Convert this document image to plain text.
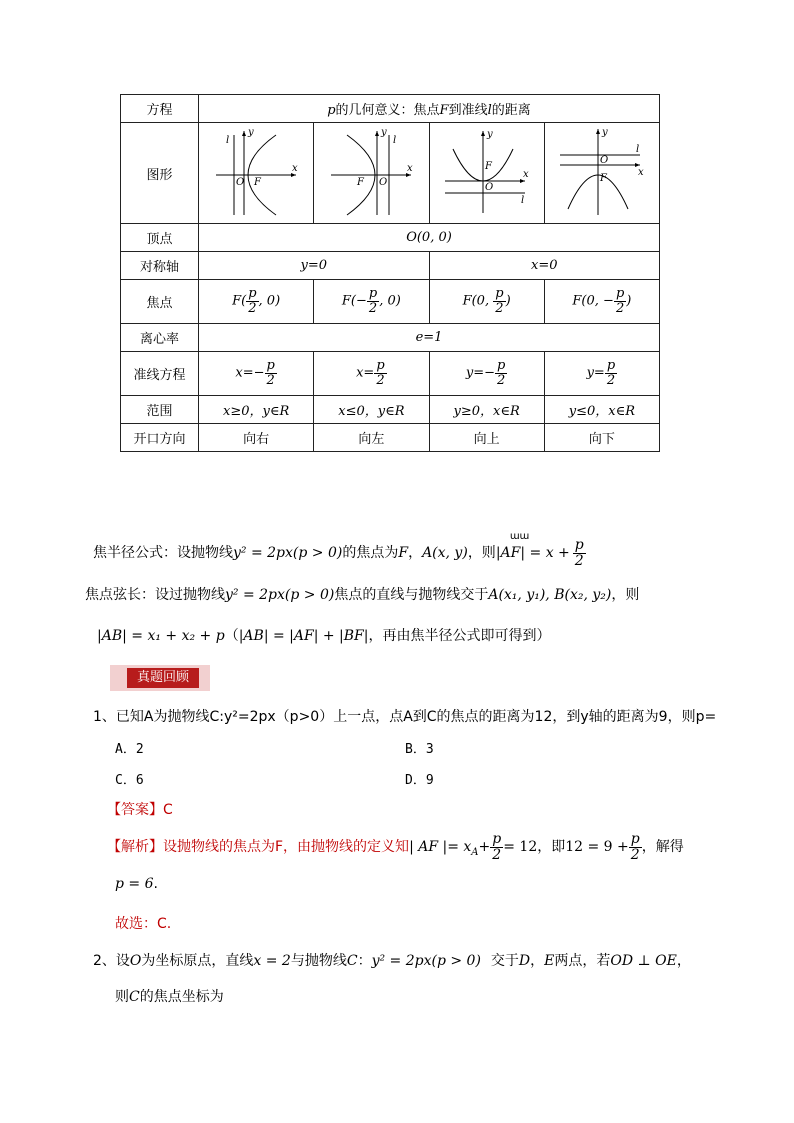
方程	p的几何意义：焦点F到准线l的距离			
图形	y
x
O F
l	y
x
O
F
l	y
x
O
F
l	y
x
O
F
l

顶点	O(0, 0)			
对称轴	y=0		x=0	
焦点	$F( \frac{p}{2}$ , 0)	$F(- \frac{p}{2}$ , 0)	F(0, $\frac{p}{2}$ )	F(0, − $\frac{p}{2}$ )
离心率	e=1			
准线方程	$x=- \frac{p}{2}$	$x= \frac{p}{2}$	$y=- \frac{p}{2}$	$y= \frac{p}{2}$

范围	x≥0，y∈R	x≤0，y∈R	y≥0，x∈R	y≤0，x∈R
开口方向	向右	向左	向上	向下
焦半径公式：设抛物线y² = 2px(p > 0)的焦点为F，A(x, y)，则
ɯɯ
$|AF| = x + \frac{p}{2}$
焦点弦长：设过抛物线y² = 2px(p > 0)焦点的直线与抛物线交于A(x₁, y₁), B(x₂, y₂)，则
|AB| = x₁ + x₂ + p（|AB| = |AF| + |BF|，再由焦半径公式即可得到）
真题回顾
1、已知A为抛物线C:y²=2px（p>0）上一点，点A到C的焦点的距离为12，到y轴的距离为9，则p=
A．2	B．3
C．6	D．9
【答案】C
【解析】设抛物线的焦点为F，由抛物线的定义知| AF |= $x_A+ \frac{p}{2} = 12$，即$12 = 9 + \frac{p}{2}$ ，解得
p = 6.
故选：C.
2、设O为坐标原点，直线x = 2与抛物线C：y² = 2px(p > 0) 交于D，E两点，若OD ⊥ OE，
则C的焦点坐标为
